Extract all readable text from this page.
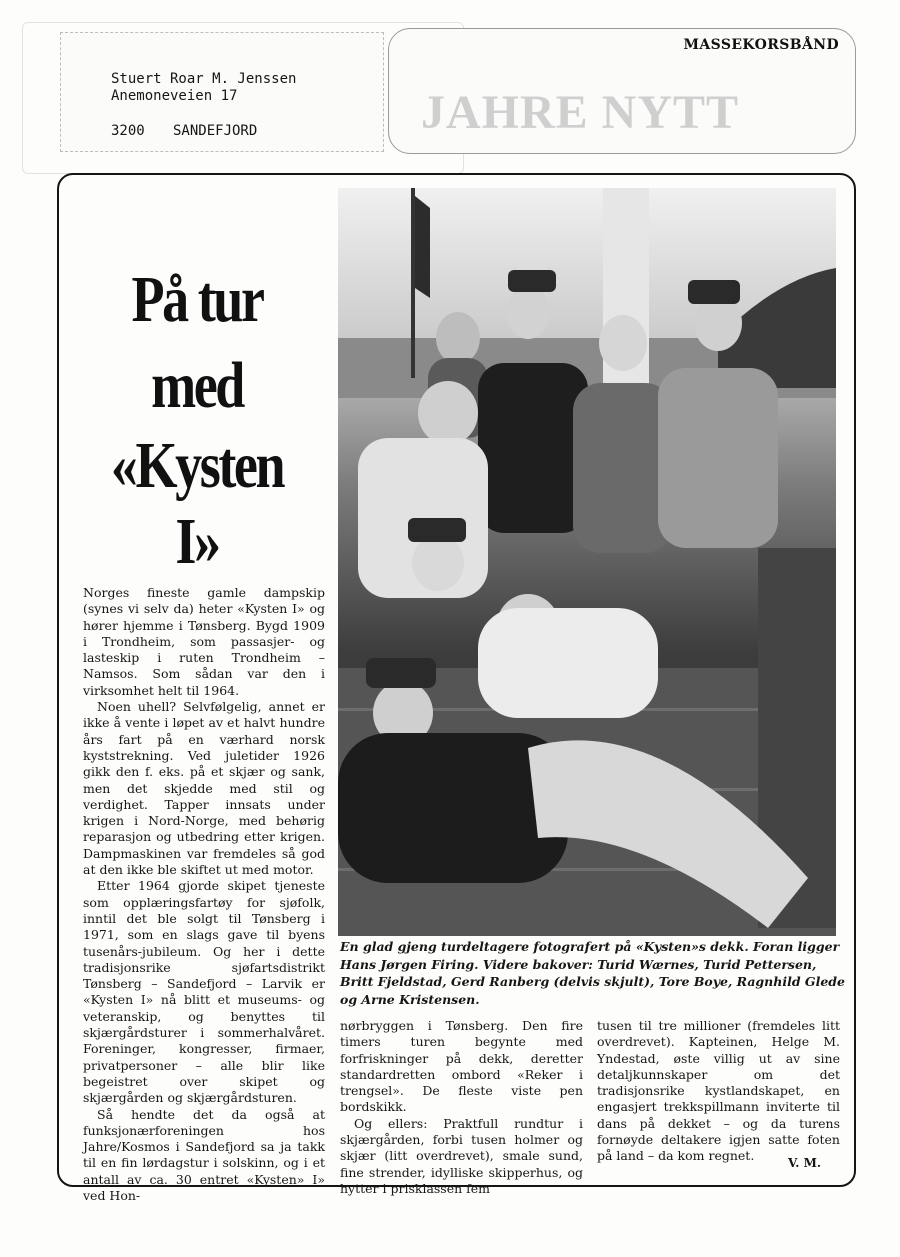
Stuert Roar M. Jenssen
Anemoneveien 17
3200 SANDEFJORD
MASSEKORSBÅND
JAHRE NYTT
På tur
med
«Kysten I»
En glad gjeng turdeltagere fotografert på «Kysten»s dekk. Foran ligger Hans Jørgen Firing. Videre bakover: Turid Wærnes, Turid Pettersen, Britt Fjeldstad, Gerd Ranberg (delvis skjult), Tore Boye, Ragnhild Glede og Arne Kristensen.

Norges fineste gamle dampskip (synes vi selv da) heter «Kysten I» og hører hjemme i Tønsberg. Bygd 1909 i Trondheim, som passasjer- og lasteskip i ruten Trondheim – Namsos. Som sådan var den i virksomhet helt til 1964.

Noen uhell? Selvfølgelig, annet er ikke å vente i løpet av et halvt hundre års fart på en værhard norsk kyststrekning. Ved juletider 1926 gikk den f. eks. på et skjær og sank, men det skjedde med stil og verdighet. Tapper innsats under krigen i Nord-Norge, med behørig reparasjon og utbedring etter krigen. Dampmaskinen var fremdeles så god at den ikke ble skiftet ut med motor.

Etter 1964 gjorde skipet tjeneste som opplæringsfartøy for sjøfolk, inntil det ble solgt til Tønsberg i 1971, som en slags gave til byens tusenårs-jubileum. Og her i dette tradisjonsrike sjøfartsdistrikt Tønsberg – Sandefjord – Larvik er «Kysten I» nå blitt et museums- og veteranskip, og benyttes til skjærgårdsturer i sommerhalvåret. Foreninger, kongresser, firmaer, privatpersoner – alle blir like begeistret over skipet og skjærgården og skjærgårdsturen.

Så hendte det da også at funksjonærforeningen hos Jahre/Kosmos i Sandefjord sa ja takk til en fin lørdagstur i solskinn, og i et antall av ca. 30 entret «Kysten» I» ved Hon-

nørbryggen i Tønsberg. Den fire timers turen begynte med forfriskninger på dekk, deretter standardretten ombord «Reker i trengsel». De fleste viste pen bordskikk.

Og ellers: Praktfull rundtur i skjærgården, forbi tusen holmer og skjær (litt overdrevet), smale sund, fine strender, idylliske skipperhus, og hytter i prisklassen fem

tusen til tre millioner (fremdeles litt overdrevet). Kapteinen, Helge M. Yndestad, øste villig ut av sine detaljkunnskaper om det tradisjonsrike kystlandskapet, en engasjert trekkspillmann inviterte til dans på dekket – og da turens fornøyde deltakere igjen satte foten på land – da kom regnet.	V. M.
